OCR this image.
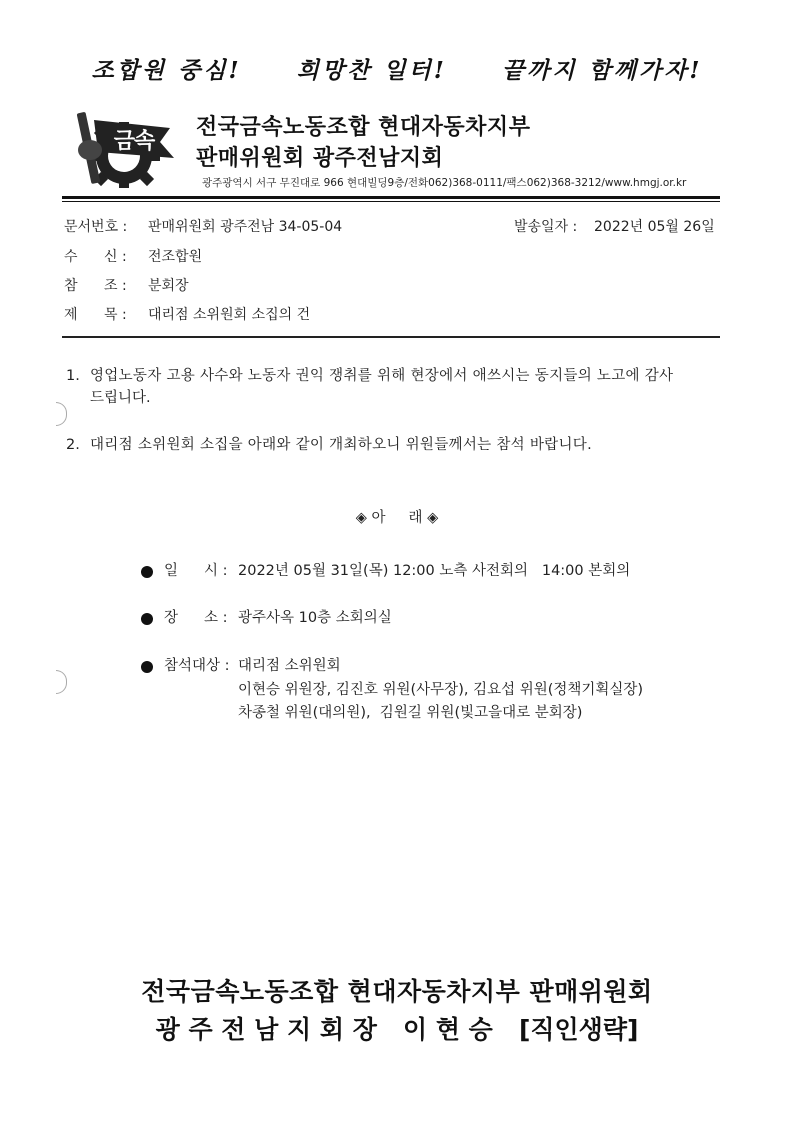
조합원 중심! 희망찬 일터! 끝까지 함께가자!
금속
전국금속노동조합 현대자동차지부
판매위원회 광주전남지회
광주광역시 서구 무진대로 966 현대빌딩9층/전화062)368-0111/팩스062)368-3212/www.hmgj.or.kr
문서번호 : 판매위원회 광주전남 34-05-04	발송일자 : 2022년 05월 26일
수 신 : 전조합원
참 조 : 분회장
제 목 : 대리점 소위원회 소집의 건
1. 영업노동자 고용 사수와 노동자 권익 쟁취를 위해 현장에서 애쓰시는 동지들의 노고에 감사
드립니다.
2. 대리점 소위원회 소집을 아래와 같이 개최하오니 위원들께서는 참석 바랍니다.
◈ 아     래 ◈
일 시 : 2022년 05월 31일(목) 12:00 노측 사전회의   14:00 본회의
장 소 : 광주사옥 10층 소회의실
참석대상 : 대리점 소위원회
이현승 위원장, 김진호 위원(사무장), 김요섭 위원(정책기획실장)
차종철 위원(대의원),  김원길 위원(빛고을대로 분회장)
전국금속노동조합 현대자동차지부 판매위원회
광 주 전 남 지 회 장   이 현 승   [직인생략]
